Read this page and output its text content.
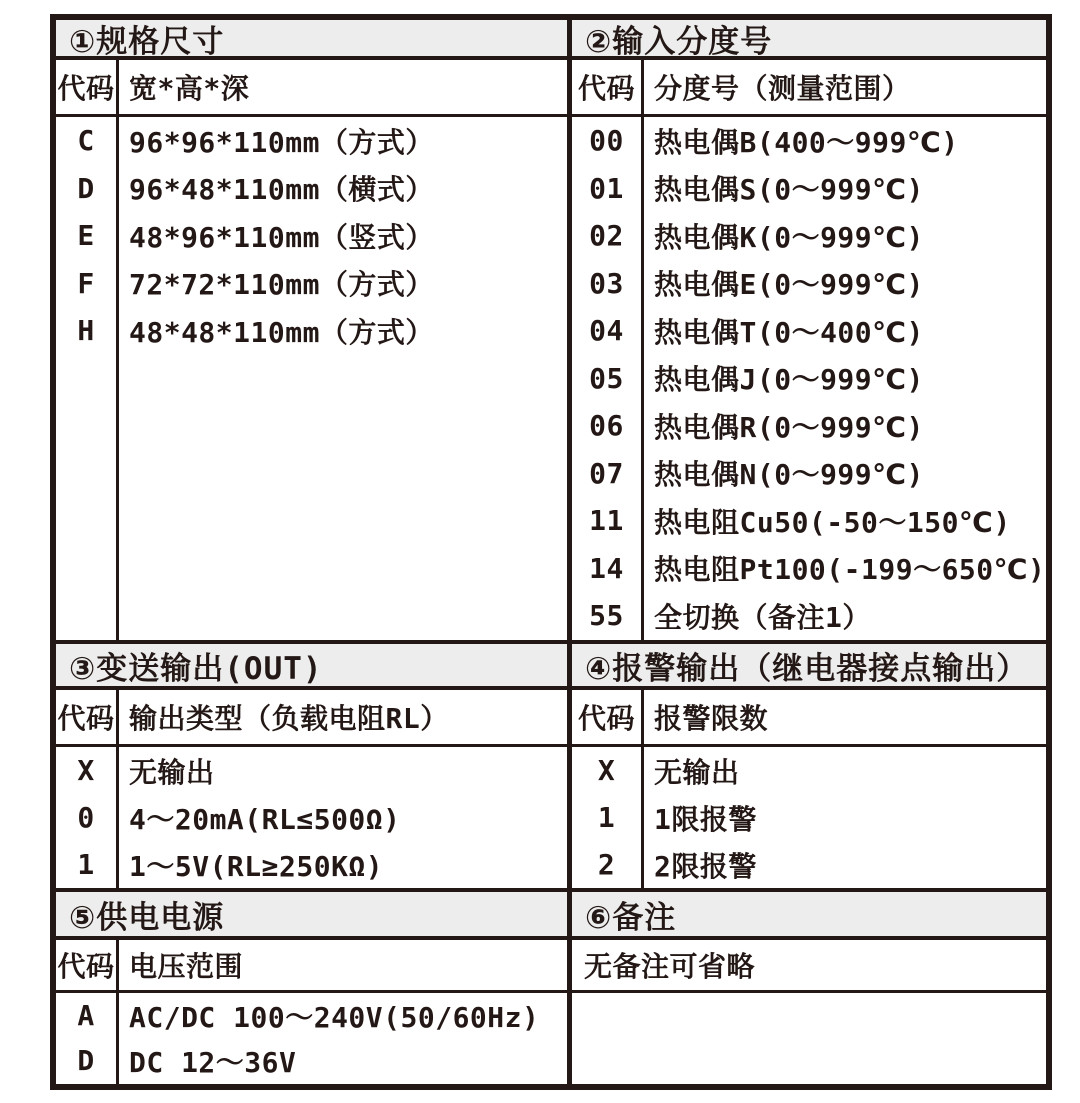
①规格尺寸
代码 宽*高*深
C
D
E
F
H
96*96*110mm（方式）
96*48*110mm（横式）
48*96*110mm（竖式）
72*72*110mm（方式）
48*48*110mm（方式）
③变送输出(OUT)
代码 输出类型（负载电阻RL）
X
0
1
无输出
4～20mA(RL≤500Ω)
1～5V(RL≥250KΩ)
⑤供电电源
代码 电压范围
A
D
AC/DC 100～240V(50/60Hz)
DC 12～36V
②输入分度号
代码 分度号（测量范围）
00
01
02
03
04
05
06
07
11
14
55
热电偶B(400～999℃)
热电偶S(0～999℃)
热电偶K(0～999℃)
热电偶E(0～999℃)
热电偶T(0～400℃)
热电偶J(0～999℃)
热电偶R(0～999℃)
热电偶N(0～999℃)
热电阻Cu50(-50～150℃)
热电阻Pt100(-199～650℃)
全切换（备注1）
④报警输出（继电器接点输出）
代码 报警限数
X
1
2
无输出
1限报警
2限报警
⑥备注
无备注可省略
